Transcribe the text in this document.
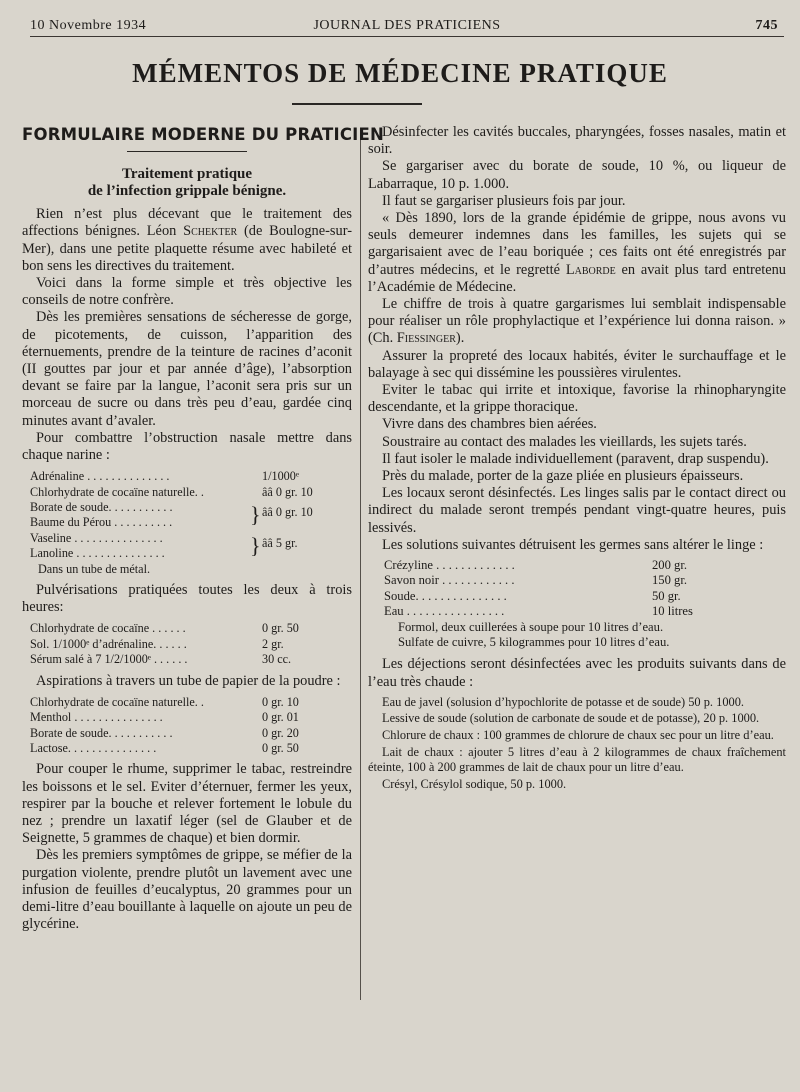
10 Novembre 1934	JOURNAL DES PRATICIENS	745
MÉMENTOS DE MÉDECINE PRATIQUE
FORMULAIRE MODERNE DU PRATICIEN
Traitement pratique
de l’infection grippale bénigne.

Rien n’est plus décevant que le traitement des affections bénignes. Léon Schekter (de Boulogne-sur-Mer), dans une petite plaquette résume avec habileté et bon sens les directives du traitement.

Voici dans la forme simple et très objective les conseils de notre confrère.

Dès les premières sensations de sécheresse de gorge, de picotements, de cuisson, l’apparition des éternuements, prendre de la teinture de racines d’aconit (II gouttes par jour et par année d’âge), l’absorption devant se faire par la langue, l’aconit sera pris sur un morceau de sucre ou dans très peu d’eau, gardée cinq minutes avant d’avaler.

Pour combattre l’obstruction nasale mettre dans chaque narine :

Adrénaline . . . . . . . . . . . . . .	1/1000ᵉ
Chlorhydrate de cocaïne naturelle. .	ââ 0 gr. 10
Borate de soude. . . . . . . . . . .
Baume du Pérou . . . . . . . . . .	} ââ 0 gr. 10
Vaseline . . . . . . . . . . . . . . .
Lanoline . . . . . . . . . . . . . . .	} ââ 5 gr.
Dans un tube de métal.

Pulvérisations pratiquées toutes les deux à trois heures:

Chlorhydrate de cocaïne . . . . . .	0 gr. 50
Sol. 1/1000ᵉ d’adrénaline. . . . . .	2 gr.
Sérum salé à 7 1/2/1000ᵉ . . . . . .	30 cc.

Aspirations à travers un tube de papier de la poudre :

Chlorhydrate de cocaïne naturelle. .	0 gr. 10
Menthol . . . . . . . . . . . . . . .	0 gr. 01
Borate de soude. . . . . . . . . . .	0 gr. 20
Lactose. . . . . . . . . . . . . . .	0 gr. 50

Pour couper le rhume, supprimer le tabac, restreindre les boissons et le sel. Eviter d’éternuer, fermer les yeux, respirer par la bouche et relever fortement le lobule du nez ; prendre un laxatif léger (sel de Glauber et de Seignette, 5 grammes de chaque) et bien dormir.

Dès les premiers symptômes de grippe, se méfier de la purgation violente, prendre plutôt un lavement avec une infusion de feuilles d’eucalyptus, 20 grammes pour un demi-litre d’eau bouillante à laquelle on ajoute un peu de glycérine.

Désinfecter les cavités buccales, pharyngées, fosses nasales, matin et soir.

Se gargariser avec du borate de soude, 10 %, ou liqueur de Labarraque, 10 p. 1.000.

Il faut se gargariser plusieurs fois par jour.

« Dès 1890, lors de la grande épidémie de grippe, nous avons vu seuls demeurer indemnes dans les familles, les sujets qui se gargarisaient avec de l’eau boriquée ; ces faits ont été enregistrés par d’autres médecins, et le regretté Laborde en avait plus tard entretenu l’Académie de Médecine.

Le chiffre de trois à quatre gargarismes lui semblait indispensable pour réaliser un rôle prophylactique et l’expérience lui donna raison. » (Ch. Fiessinger).

Assurer la propreté des locaux habités, éviter le surchauffage et le balayage à sec qui dissémine les poussières virulentes.

Eviter le tabac qui irrite et intoxique, favorise la rhinopharyngite descendante, et la grippe thoracique.

Vivre dans des chambres bien aérées.

Soustraire au contact des malades les vieillards, les sujets tarés.

Il faut isoler le malade individuellement (paravent, drap suspendu).

Près du malade, porter de la gaze pliée en plusieurs épaisseurs.

Les locaux seront désinfectés. Les linges salis par le contact direct ou indirect du malade seront trempés pendant vingt-quatre heures, puis lessivés.

Les solutions suivantes détruisent les germes sans altérer le linge :

Crézyline . . . . . . . . . . . . .	200 gr.
Savon noir . . . . . . . . . . . .	150 gr.
Soude. . . . . . . . . . . . . . .	50 gr.
Eau . . . . . . . . . . . . . . . .	10 litres
Formol, deux cuillerées à soupe pour 10 litres d’eau.
Sulfate de cuivre, 5 kilogrammes pour 10 litres d’eau.

Les déjections seront désinfectées avec les produits suivants dans de l’eau très chaude :

Eau de javel (solusion d’hypochlorite de potasse et de soude) 50 p. 1000.

Lessive de soude (solution de carbonate de soude et de potasse), 20 p. 1000.

Chlorure de chaux : 100 grammes de chlorure de chaux sec pour un litre d’eau.

Lait de chaux : ajouter 5 litres d’eau à 2 kilogrammes de chaux fraîchement éteinte, 100 à 200 grammes de lait de chaux pour un litre d’eau.

Crésyl, Crésylol sodique, 50 p. 1000.
